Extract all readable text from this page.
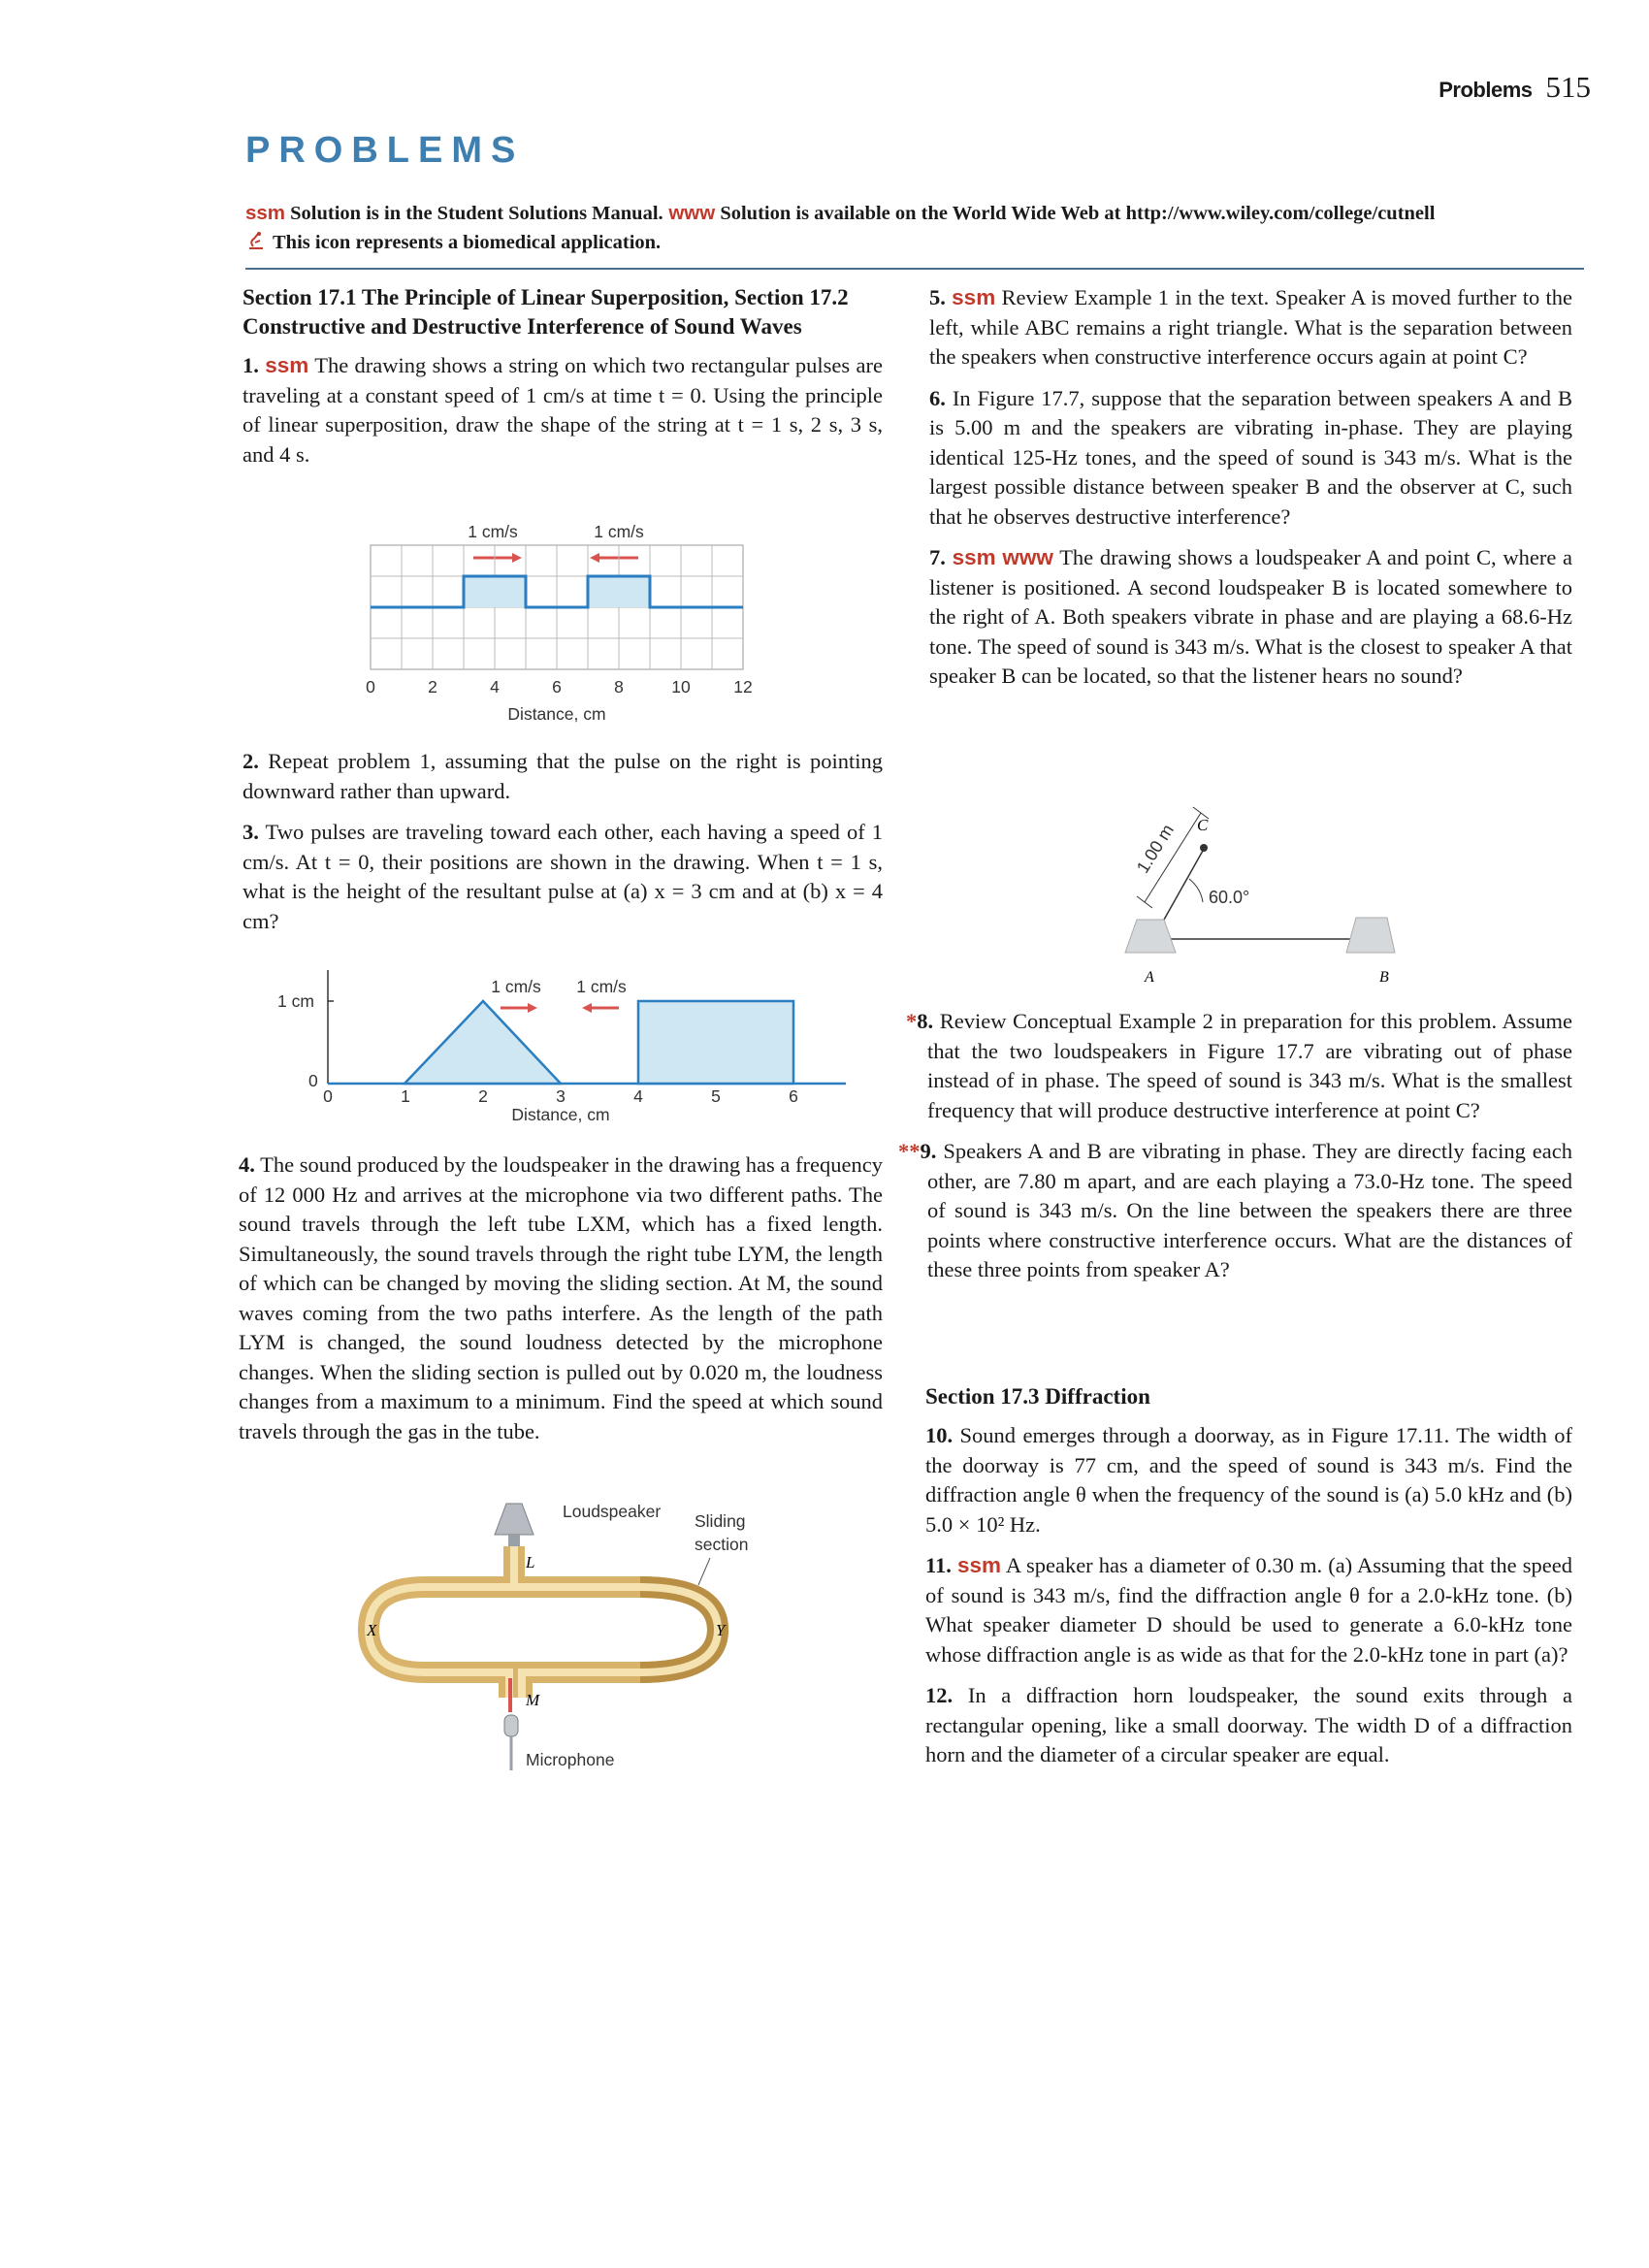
Problems 515
PROBLEMS
ssm Solution is in the Student Solutions Manual. www Solution is available on the World Wide Web at http://www.wiley.com/college/cutnell
This icon represents a biomedical application.
Section 17.1 The Principle of Linear Superposition, Section 17.2 Constructive and Destructive Interference of Sound Waves

1. ssm The drawing shows a string on which two rectangular pulses are traveling at a constant speed of 1 cm/s at time t = 0. Using the principle of linear superposition, draw the shape of the string at t = 1 s, 2 s, 3 s, and 4 s.

1 cm/s	1 cm/s
0	2	4	6	8	10	12
Distance, cm

2. Repeat problem 1, assuming that the pulse on the right is pointing downward rather than upward.

3. Two pulses are traveling toward each other, each having a speed of 1 cm/s. At t = 0, their positions are shown in the drawing. When t = 1 s, what is the height of the resultant pulse at (a) x = 3 cm and at (b) x = 4 cm?

1 cm
0
1 cm/s 1 cm/s
0	1	2	3	4	5	6
Distance, cm

4. The sound produced by the loudspeaker in the drawing has a frequency of 12 000 Hz and arrives at the microphone via two different paths. The sound travels through the left tube LXM, which has a fixed length. Simultaneously, the sound travels through the right tube LYM, the length of which can be changed by moving the sliding section. At M, the sound waves coming from the two paths interfere. As the length of the path LYM is changed, the sound loudness detected by the microphone changes. When the sliding section is pulled out by 0.020 m, the loudness changes from a maximum to a minimum. Find the speed at which sound travels through the gas in the tube.

Loudspeaker Sliding
section
Microphone
L
X	Y
M

5. ssm Review Example 1 in the text. Speaker A is moved further to the left, while ABC remains a right triangle. What is the separation between the speakers when constructive interference occurs again at point C?

6. In Figure 17.7, suppose that the separation between speakers A and B is 5.00 m and the speakers are vibrating in-phase. They are playing identical 125-Hz tones, and the speed of sound is 343 m/s. What is the largest possible distance between speaker B and the observer at C, such that he observes destructive interference?

7. ssm www The drawing shows a loudspeaker A and point C, where a listener is positioned. A second loudspeaker B is located somewhere to the right of A. Both speakers vibrate in phase and are playing a 68.6-Hz tone. The speed of sound is 343 m/s. What is the closest to speaker A that speaker B can be located, so that the listener hears no sound?

1.00 m C
60.0°
A	B

*8. Review Conceptual Example 2 in preparation for this problem. Assume that the two loudspeakers in Figure 17.7 are vibrating out of phase instead of in phase. The speed of sound is 343 m/s. What is the smallest frequency that will produce destructive interference at point C?

**9. Speakers A and B are vibrating in phase. They are directly facing each other, are 7.80 m apart, and are each playing a 73.0-Hz tone. The speed of sound is 343 m/s. On the line between the speakers there are three points where constructive interference occurs. What are the distances of these three points from speaker A?

Section 17.3 Diffraction

10. Sound emerges through a doorway, as in Figure 17.11. The width of the doorway is 77 cm, and the speed of sound is 343 m/s. Find the diffraction angle θ when the frequency of the sound is (a) 5.0 kHz and (b) 5.0 × 10² Hz.

11. ssm A speaker has a diameter of 0.30 m. (a) Assuming that the speed of sound is 343 m/s, find the diffraction angle θ for a 2.0-kHz tone. (b) What speaker diameter D should be used to generate a 6.0-kHz tone whose diffraction angle is as wide as that for the 2.0-kHz tone in part (a)?

12. In a diffraction horn loudspeaker, the sound exits through a rectangular opening, like a small doorway. The width D of a diffraction horn and the diameter of a circular speaker are equal.
